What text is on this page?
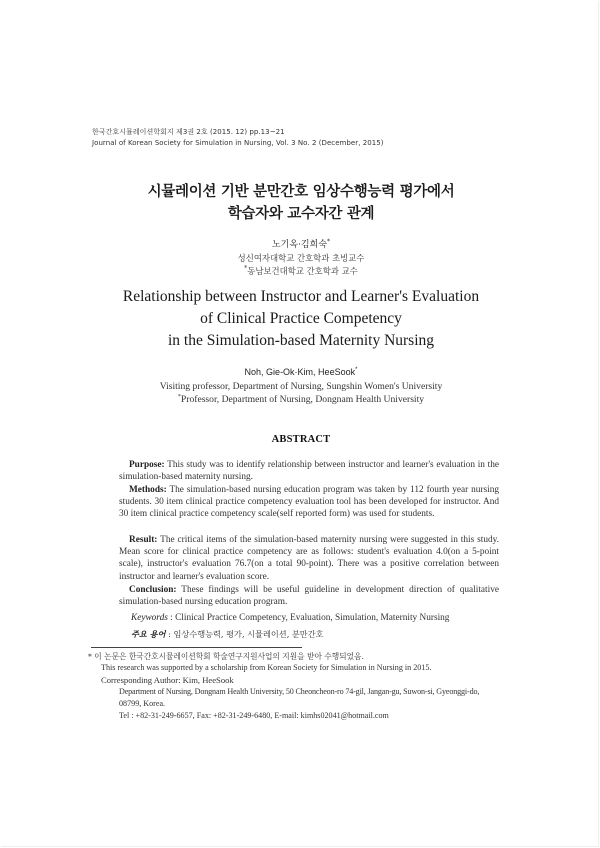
한국간호시뮬레이션학회지 제3권 2호 (2015. 12) pp.13~21
Journal of Korean Society for Simulation in Nursing, Vol. 3 No. 2 (December, 2015)
시뮬레이션 기반 분만간호 임상수행능력 평가에서
학습자와 교수자간 관계
노기옥·김희숙*
성신여자대학교 간호학과 초빙교수
*동남보건대학교 간호학과 교수
Relationship between Instructor and Learner's Evaluation
of Clinical Practice Competency
in the Simulation-based Maternity Nursing
Noh, Gie-Ok·Kim, HeeSook*
Visiting professor, Department of Nursing, Sungshin Women's University
*Professor, Department of Nursing, Dongnam Health University
ABSTRACT
Purpose: This study was to identify relationship between instructor and learner's evaluation in the simulation-based maternity nursing.
Methods: The simulation-based nursing education program was taken by 112 fourth year nursing students. 30 item clinical practice competency evaluation tool has been developed for instructor. And 30 item clinical practice competency scale(self reported form) was used for students.
Result: The critical items of the simulation-based maternity nursing were suggested in this study. Mean score for clinical practice competency are as follows: student's evaluation 4.0(on a 5-point scale), instructor's evaluation 76.7(on a total 90-point). There was a positive correlation between instructor and learner's evaluation score.
Conclusion: These findings will be useful guideline in development direction of qualitative simulation-based nursing education program.
Keywords : Clinical Practice Competency, Evaluation, Simulation, Maternity Nursing
주요 용어 : 임상수행능력, 평가, 시뮬레이션, 분만간호
* 이 논문은 한국간호시뮬레이션학회 학술연구지원사업의 지원을 받아 수행되었음.
This research was supported by a scholarship from Korean Society for Simulation in Nursing in 2015.
Corresponding Author: Kim, HeeSook
Department of Nursing, Dongnam Health University, 50 Cheoncheon-ro 74-gil, Jangan-gu, Suwon-si, Gyeonggi-do,
08799, Korea.
Tel : +82-31-249-6657, Fax: +82-31-249-6480, E-mail: kimhs02041@hotmail.com
